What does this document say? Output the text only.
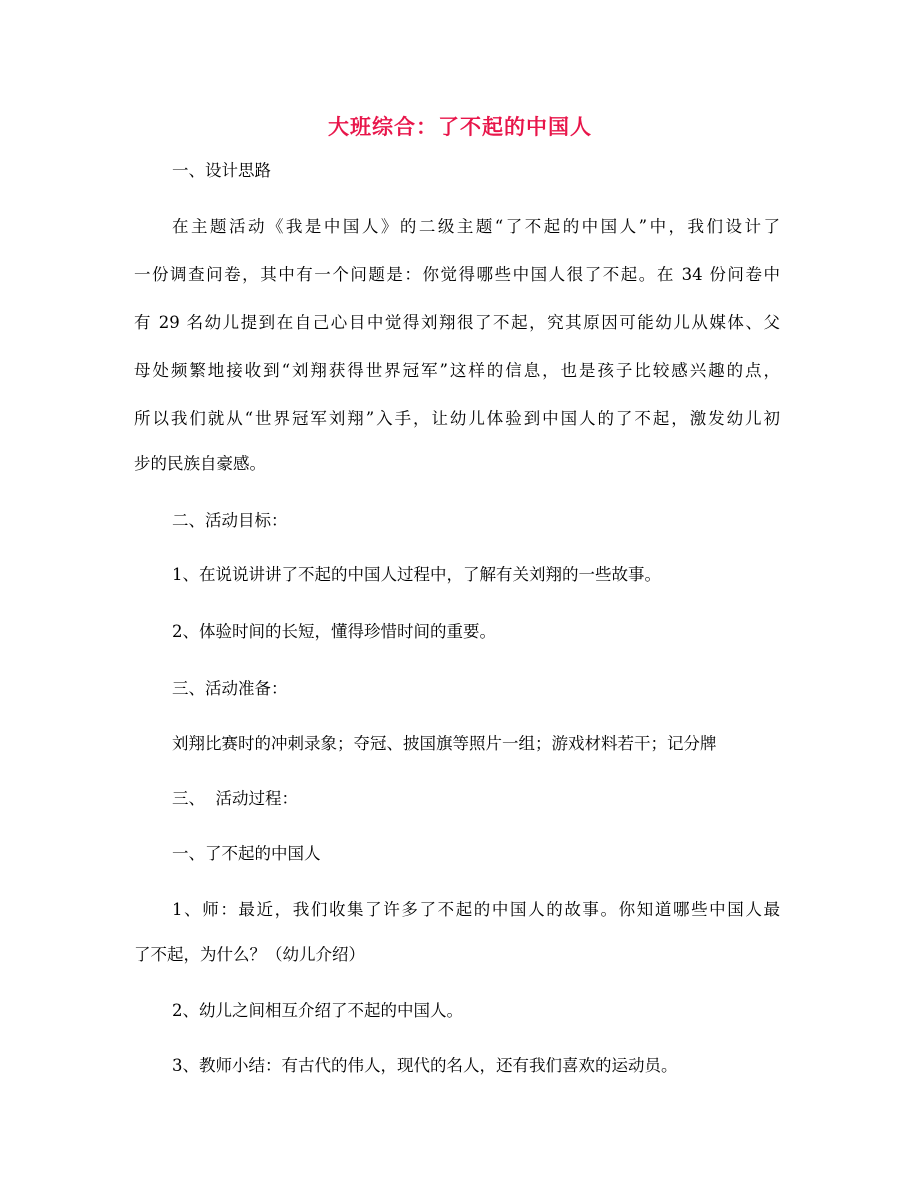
大班综合：了不起的中国人
一、设计思路
在主题活动《我是中国人》的二级主题“了不起的中国人”中，我们设计了
一份调查问卷，其中有一个问题是：你觉得哪些中国人很了不起。在 34 份问卷中
有 29 名幼儿提到在自己心目中觉得刘翔很了不起，究其原因可能幼儿从媒体、父
母处频繁地接收到“刘翔获得世界冠军”这样的信息，也是孩子比较感兴趣的点，
所以我们就从“世界冠军刘翔”入手，让幼儿体验到中国人的了不起，激发幼儿初
步的民族自豪感。
二、活动目标：
1、在说说讲讲了不起的中国人过程中，了解有关刘翔的一些故事。
2、体验时间的长短，懂得珍惜时间的重要。
三、活动准备：
刘翔比赛时的冲刺录象；夺冠、披国旗等照片一组；游戏材料若干；记分牌
三、  活动过程：
一、了不起的中国人
1、师：最近，我们收集了许多了不起的中国人的故事。你知道哪些中国人最
了不起，为什么？（幼儿介绍）
2、幼儿之间相互介绍了不起的中国人。
3、教师小结：有古代的伟人，现代的名人，还有我们喜欢的运动员。
